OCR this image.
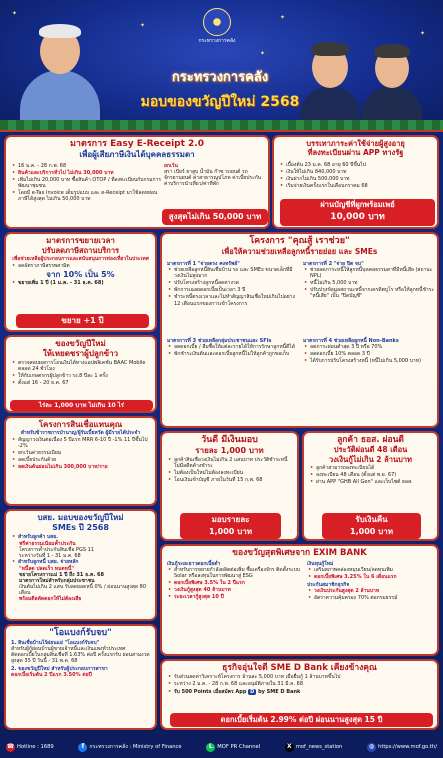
✦
✦
✦
✦
✦
กระทรวงการคลัง
กระทรวงการคลัง
มอบของขวัญปีใหม่ 2568
มาตรการ Easy E-Receipt 2.0
เพื่อผู้เสียภาษีเงินได้บุคคลธรรมดา
• 16 ม.ค. - 28 ก.พ. 68
• สินค้าและบริการทั่วไป ไม่เกิน 30,000 บาท
• เพิ่มไม่เกิน 20,000 บาท ซื้อสินค้า OTOP / ที่ลงทะเบียนกับกรมการพัฒนาชุมชน
• โดยมี e-Tax Invoice เต็มรูปแบบ และ e-Receipt มาใช้ลดหย่อนภาษีได้สูงสุด ไม่เกิน 50,000 บาท
ยกเว้น
สุรา เบียร์ ยาสูบ น้ำมัน ก๊าซ รถยนต์ รถจักรยานยนต์ ค่าสาธารณูปโภค ค่าเบี้ยประกัน ค่าบริการนำเที่ยว/ค่าที่พัก
สูงสุดไม่เกิน 50,000 บาท
บรรเทาภาระค่าใช้จ่ายผู้สูงอายุ
ที่ลงทะเบียนผ่าน APP ทางรัฐ
• เบื้องต้น 23 ม.ค. 68 อายุ 60 ปีขึ้นไป
• เงินให้ไม่เกิน 840,000 บาท
• เงินฝากไม่เกิน 500,000 บาท
• เริ่มจ่ายเงินครั้งแรกในเดือนกราคม 68
ผ่านบัญชีที่ผูกพร้อมเพย์
10,000 บาท
มาตรการขยายเวลา
ปรับลดภาษีสถานบริการ
เพื่อช่วยเหลือผู้ประกอบการและสนับสนุนการท่องเที่ยวในประเทศ
• ลดอัตราภาษีสรรพสามิต
จาก 10% เป็น 5%
• ขยายเพิ่ม 1 ปี (1 ม.ค. - 31 ธ.ค. 68)
ขยาย +1 ปี
ของขวัญปีใหม่
ให้เหยดชราผู้ปลูกข้าว
• ตรวจสอบผลการโอนเงินได้ทางแอปพลิเคชั่น BAAC Mobile ตลอด 24 ชั่วโมง
• ให้กับเกษตรกรผู้ปลูกข้าว รง.8 ปีละ 1 ครั้ง
• ตั้งแต่ 16 - 20 ธ.ค. 67
ไร่ละ 1,000 บาท ไม่เกิน 10 ไร่
โครงการสินเชื่อแทนคุณ
สำหรับข้าราชการบำนาญ/ผู้รับเบี้ยหวัด ผู้มีรายได้ประจำ
• สัญญาวงเงินต่อเนื่อง 5 ปีแรก MRR 6-10 ปี -1% 11 ปีขึ้นไป -2%
• ยกเว้นค่าธรรมเนียม
• ลดเบี้ยประกันด้วย
• ลดเงินต้นผ่อนไม่เกิน 300,000 บาท/ราย
บสย. มอบของขวัญปีใหม่
SMEs ปี 2568
• สำหรับลูกค้า บสย.
ฟรีค่าธรรมเนียมค้ำประกัน
โครงการค้ำประกันสินเชื่อ PGS 11
ระหว่างวันที่ 1 - 31 ม.ค. 68
• สำหรับลูกหนี้ บสย. จ่ายหลัก
"หนี้ลด ปลดเร็ว หมดหนี้"
ขยายโครงการแม่ 1 ปี ถึง 31 ธ.ค. 68
มาตรการใหม่สำหรับกลุ่มประชาชน
เงินต้นไม่เกิน 2 แสน รับลดยอดหนี้ 0% / ผ่อนนานสูงสุด 80 เดือน
พร้อมดีลตัดดอกให้ไม่ต้องเสีย
"โอแบงก์รับจบ"
1. สินเชื่อบ้านไร้ผ่อนแย่ "โอแบงก์รับจบ"
สำหรับผู้กู้ผ่อนบ้านผู้ขายเจ้าหนี้และเงินแพงทั่วประเทศ
ตัดดอกเบี้ยในกลุ่มสินเชื่อที่ 1.63% ต่อปี ครั้งแรกรับ ผ่อนสามงวดสูงสุด 35 ปี วันนี้ - 31 พ.ค. 68
2. ของขวัญปีใหม่ สำหรับผู้ประกอบการสาขา
ดอกเบี้ยเริ่มต้น 2 ปีแรก 3.50% ต่อปี
โครงการ "คุณสู้ เราช่วย"
เพื่อให้ความช่วยเหลือลูกหนี้รายย่อย และ SMEs
มาตรการที่ 1 "จ่ายตรง คงทรัพย์"
• ช่วยเหลือลูกหนี้สินเชื่อบ้าน รถ และ SMEs ขนาดเล็กที่มีวงเงินไม่สูงมาก
• ปรับโครงสร้างลูกหนี้ลดค่างวด
• พักการเฉลยดอกเบี้ยเป็นเวลา 3 ปี
• ชำระหนี้ตรงเวลาและไม่ทำสัญญาสินเชื่อใหม่เกินไปอย่าง 12 เดือนแรกของการเข้าโครงการ
มาตรการที่ 2 "จ่าย ปิด จบ"
• ช่วยลดภาระหนี้ให้ลูกหนี้บุคคลธรรมดาที่มีหนี้เสีย (สถานะ NPL)
• หนี้ไม่เกิน 5,000 บาท
• ปรับปรุงข้อมูลสถานะหนี้จากเครดิตบูโร หรือให้ลูกหนี้ชำระ "หนี้เสีย" เป็น "ปิดบัญชี"
มาตรการที่ 3 ช่วยเหลือกลุ่มประชาชนและ SFIs
• ลดดอกเบี้ย / ลืมซื้อให้แต่ละรายได้ให้การรักษาลูกหนี้ดีได้
• พักชำระเงินต้นและดอกเบี้ยลูกหนี้ไม่ให้ลูกค้าถูกขอเก็บ
มาตรการที่ 4 ช่วยเหลือลูกหนี้ Non-Banks
• ลดภาระผ่อนต่ำสุด 3 ปี หรือ 70%
• ลดดอกเบี้ย 10% ตลอด 3 ปี
• ได้รับการปรับโครงสร้างหนี้ (หนี้ไม่เกิน 5,000 บาท)
วันดี มีเงินมอบ
รายละ 1,000 บาท
• ลูกค้าสินเชื่อวงเงินไม่เกิน 2 แสนบาท ประวัติชำระหนี้ไม่มีอดีตค้างชำระ
• ไม่ต้องเป็นใหม่ไม่ต้องลงทะเบียน
• โอนเงินเข้าบัญชี ภายในวันที่ 15 ก.พ. 68
มอบรายละ
1,000 บาท
ลูกค้า ธอส. ผ่อนดี
ประวัติผ่อนดี 48 เดือน
วงเงินกู้ไม่เกิน 2 ล้านบาท
• ลูกค้าสามารถลงทะเบียนได้
• ลงทะเบียน 48 เดือน (ตั้งแต่ พ.ย. 67)
• ผ่าน APP "GHB All Gen" และเว็บไซต์ ธอส.
รับเงินคืน
1,000 บาท
ของขวัญสุดพิเศษจาก EXIM BANK
เงินกู้ระยะยาวดอกเบี้ยต่ำ
• สำหรับการขยายกำลังผลิตต่อเพิ่ม ซื้อเครื่องจักร ติดตั้งระบบ Solar หรือลงทุนในการพัฒนาสู่ ESG
• ดอกเบี้ยพิเศษ 3.5% ใน 2 ปีแรก
• วงเงินกู้สูงสุด 40 ล้านบาท
• ระยะเวลากู้สูงสุด 10 ปี
เงินทุนกู้ใหม่
• เสริมสภาพคล่องหมุนเวียน/ลดทุนเพิ่ม
• ดอกเบี้ยพิเศษ 3.25% ใน 6 เดือนแรก
ประกันสมาชิกธุรกิจ
• วงเงินประกันสูงสุด 2 ล้านบาท
• อัตราความคุ้มครอง 70% ต่อกรมธรรม์
ธุรกิจอุ่นใจดี SME D Bank เคียงข้างคุณ
• รับส่วนลดค่าวิเคราะห์โครงการ ล้านละ 5,000 บาท เมื่อยื่นกู้ 1 ล้านบาทขึ้นไป
• ระหว่าง 2 ม.ค. - 28 ก.พ. 68 และอนุมัติภายใน 31 มี.ค. 68
• รับ 500 Points เมื่อสมัคร App D by SME D Bank
ดอกเบี้ยเริ่มต้น 2.99% ต่อปี ผ่อนนานสูงสุด 15 ปี
☎ Hotline : 1689	f กระทรวงการคลัง : Ministry of Finance	L MOF PR Channel	X mof_news_station	◍ https://www.mof.go.th/
